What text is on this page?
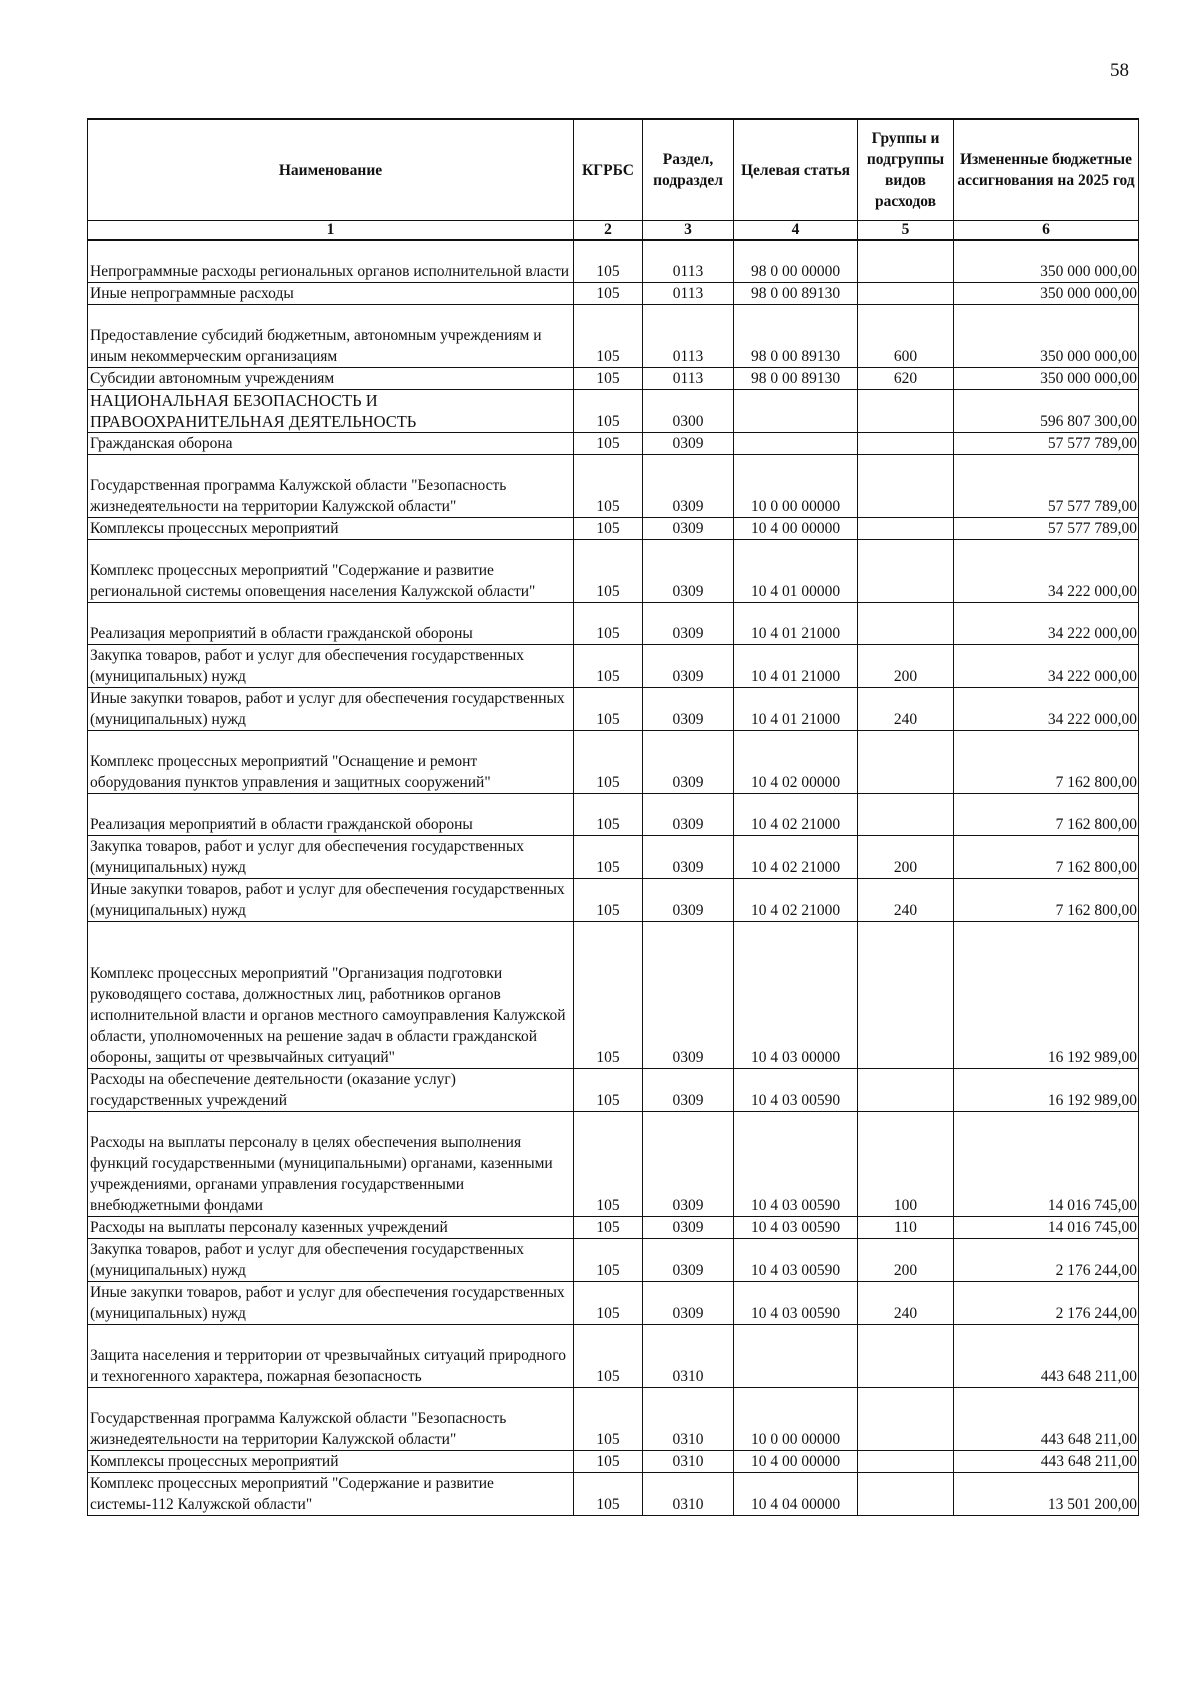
58
Наименование	КГРБС	Раздел, подраздел	Целевая статья	Группы и подгруппы видов расходов	Измененные бюджетные ассигнования на 2025 год
1	2	3	4	5	6
Непрограммные расходы региональных органов исполнительной власти	105	0113	98 0 00 00000		350 000 000,00
Иные непрограммные расходы	105	0113	98 0 00 89130		350 000 000,00
Предоставление субсидий бюджетным, автономным учреждениям и иным некоммерческим организациям	105	0113	98 0 00 89130	600	350 000 000,00
Субсидии автономным учреждениям	105	0113	98 0 00 89130	620	350 000 000,00
НАЦИОНАЛЬНАЯ БЕЗОПАСНОСТЬ И ПРАВООХРАНИТЕЛЬНАЯ ДЕЯТЕЛЬНОСТЬ	105	0300			596 807 300,00
Гражданская оборона	105	0309			57 577 789,00
Государственная программа Калужской области "Безопасность жизнедеятельности на территории Калужской области"	105	0309	10 0 00 00000		57 577 789,00
Комплексы процессных мероприятий	105	0309	10 4 00 00000		57 577 789,00
Комплекс процессных мероприятий "Содержание и развитие региональной системы оповещения населения Калужской области"	105	0309	10 4 01 00000		34 222 000,00
Реализация мероприятий в области гражданской обороны	105	0309	10 4 01 21000		34 222 000,00
Закупка товаров, работ и услуг для обеспечения государственных (муниципальных) нужд	105	0309	10 4 01 21000	200	34 222 000,00
Иные закупки товаров, работ и услуг для обеспечения государственных (муниципальных) нужд	105	0309	10 4 01 21000	240	34 222 000,00
Комплекс процессных мероприятий "Оснащение и ремонт оборудования пунктов управления и защитных сооружений"	105	0309	10 4 02 00000		7 162 800,00
Реализация мероприятий в области гражданской обороны	105	0309	10 4 02 21000		7 162 800,00
Закупка товаров, работ и услуг для обеспечения государственных (муниципальных) нужд	105	0309	10 4 02 21000	200	7 162 800,00
Иные закупки товаров, работ и услуг для обеспечения государственных (муниципальных) нужд	105	0309	10 4 02 21000	240	7 162 800,00
Комплекс процессных мероприятий "Организация подготовки руководящего состава, должностных лиц, работников органов исполнительной власти и органов местного самоуправления Калужской области, уполномоченных на решение задач в области гражданской обороны, защиты от чрезвычайных ситуаций"	105	0309	10 4 03 00000		16 192 989,00
Расходы на обеспечение деятельности (оказание услуг) государственных учреждений	105	0309	10 4 03 00590		16 192 989,00
Расходы на выплаты персоналу в целях обеспечения выполнения функций государственными (муниципальными) органами, казенными учреждениями, органами управления государственными внебюджетными фондами	105	0309	10 4 03 00590	100	14 016 745,00
Расходы на выплаты персоналу казенных учреждений	105	0309	10 4 03 00590	110	14 016 745,00
Закупка товаров, работ и услуг для обеспечения государственных (муниципальных) нужд	105	0309	10 4 03 00590	200	2 176 244,00
Иные закупки товаров, работ и услуг для обеспечения государственных (муниципальных) нужд	105	0309	10 4 03 00590	240	2 176 244,00
Защита населения и территории от чрезвычайных ситуаций природного и техногенного характера, пожарная безопасность	105	0310			443 648 211,00
Государственная программа Калужской области "Безопасность жизнедеятельности на территории Калужской области"	105	0310	10 0 00 00000		443 648 211,00
Комплексы процессных мероприятий	105	0310	10 4 00 00000		443 648 211,00
Комплекс процессных мероприятий "Содержание и развитие системы-112 Калужской области"	105	0310	10 4 04 00000		13 501 200,00
